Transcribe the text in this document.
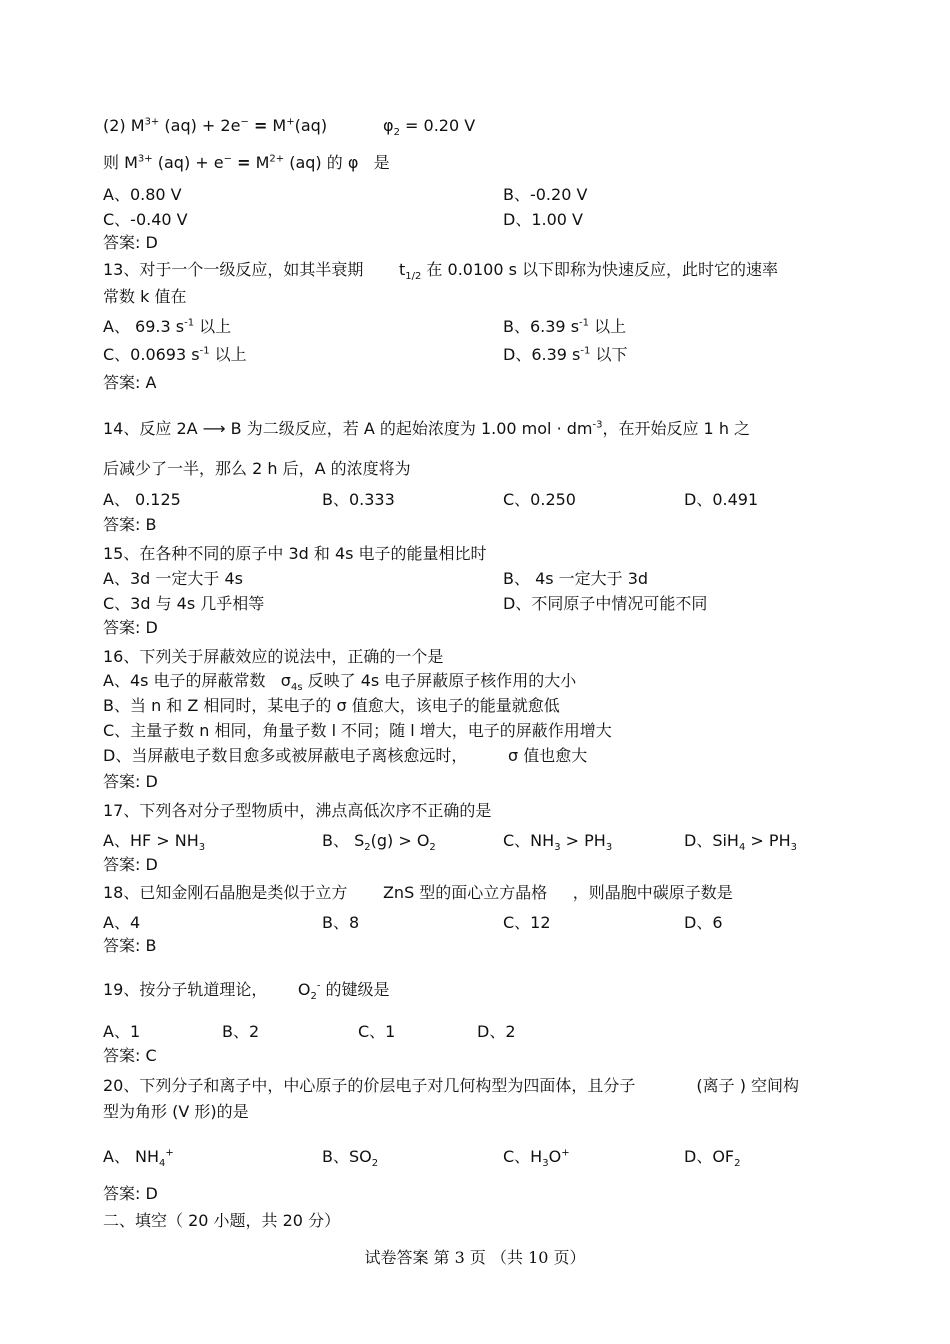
(2) $M^{3+}$ (aq) + 2e− = M+(aq)           $\varphi_2 = 0.20$ V
则 $M^{3+}$ $(aq) + e^- = M^{2+}$ (aq) 的 φ   是
A、0.80 V	B、-0.20 V
C、-0.40 V	D、1.00 V
答案: D
13、对于一个一级反应，如其半衰期       $t_{1/2}$ 在 0.0100 s 以下即称为快速反应，此时它的速率
常数 k 值在
A、 69.3 $s^{-1}$ 以上	B、6.39 $s^{-1}$ 以上
C、0.0693 $s^{-1}$ 以上	D、6.39 $s^{-1}$ 以下
答案: A
14、反应 2A ⟶ B 为二级反应，若 A 的起始浓度为 1.00 mol · $dm^{-3}$，在开始反应 1 h 之
后减少了一半，那么 2 h 后，A 的浓度将为
A、 0.125	B、0.333	C、0.250	D、0.491
答案: B
15、在各种不同的原子中 3d 和 4s 电子的能量相比时
A、3d 一定大于 4s	B、 4s 一定大于 3d
C、3d 与 4s 几乎相等	D、不同原子中情况可能不同
答案: D
16、下列关于屏蔽效应的说法中，正确的一个是
A、4s 电子的屏蔽常数   $\sigma_{4s}$ 反映了 4s 电子屏蔽原子核作用的大小
B、当 n 和 Z 相同时，某电子的 σ 值愈大，该电子的能量就愈低
C、主量子数 n 相同，角量子数 l 不同；随 l 增大，电子的屏蔽作用增大
D、当屏蔽电子数目愈多或被屏蔽电子离核愈远时，        σ 值也愈大
答案: D
17、下列各对分子型物质中，沸点高低次序不正确的是
A、HF > $NH_3$	B、 $S_2(g) > O_2$	C、$NH_3 > PH_3$	D、$SiH_4 > PH_3$
答案: D
18、已知金刚石晶胞是类似于立方       ZnS 型的面心立方晶格     ，则晶胞中碳原子数是
A、4	B、8	C、12	D、6
答案: B
19、按分子轨道理论，      $O_2^-$ 的键级是
A、1	B、2	C、1	D、2
答案: C
20、下列分子和离子中，中心原子的价层电子对几何构型为四面体，且分子            (离子 ) 空间构
型为角形 (V 形)的是
A、 $NH_4^+$	B、$SO_2$	C、$H_3O^+$	D、$OF_2$
答案: D
二、填空（ 20 小题，共 20 分）
试卷答案 第 3 页 （共 10 页）
